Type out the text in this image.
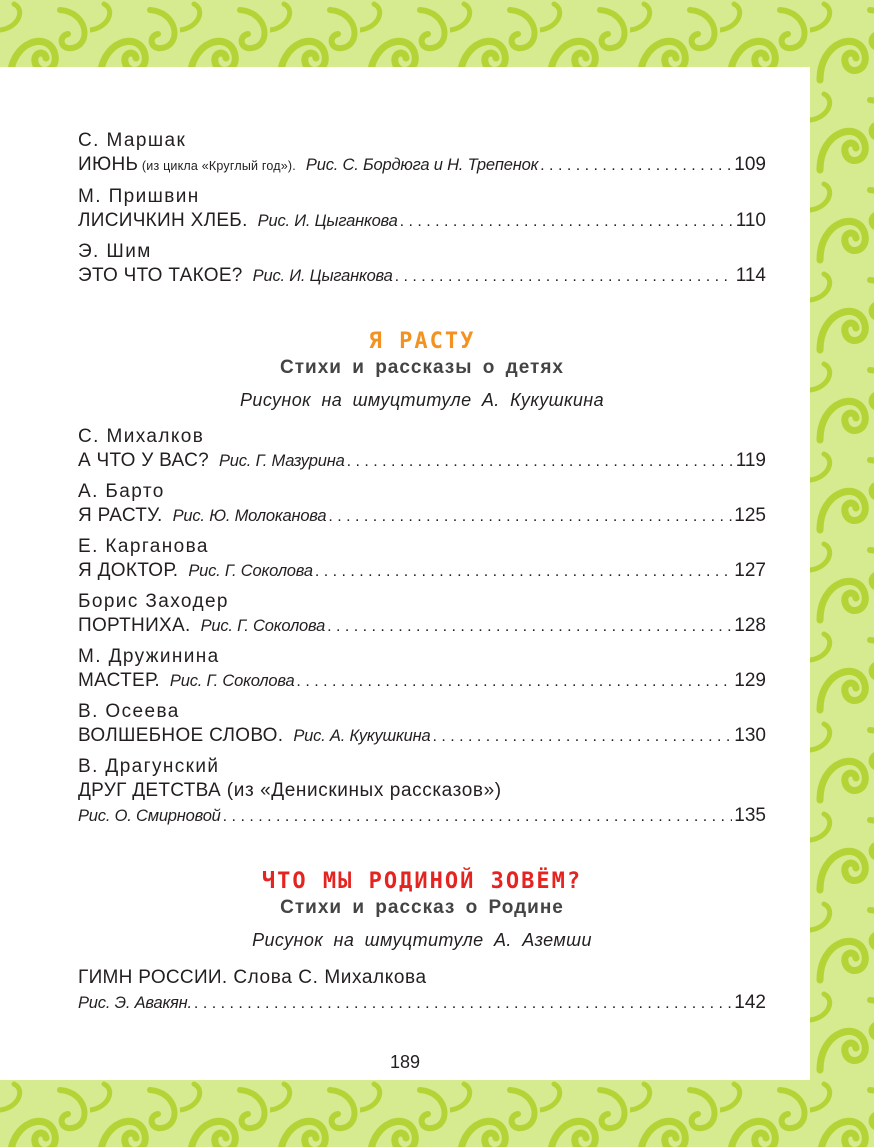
С. Маршак
ИЮНЬ (из цикла «Круглый год»). Рис. С. Бордюга и Н. Трепенок . . .	109
М. Пришвин
ЛИСИЧКИН ХЛЕБ. Рис. И. Цыганкова . . .	110
Э. Шим
ЭТО ЧТО ТАКОЕ? Рис. И. Цыганкова . . .	114
Я РАСТУ
Стихи и рассказы о детях
Рисунок на шмуцтитуле А. Кукушкина
С. Михалков
А ЧТО У ВАС? Рис. Г. Мазурина . . .	119
А. Барто
Я РАСТУ. Рис. Ю. Молоканова . . .	125
Е. Карганова
Я ДОКТОР. Рис. Г. Соколова . . .	127
Борис Заходер
ПОРТНИХА. Рис. Г. Соколова . . .	128
М. Дружинина
МАСТЕР. Рис. Г. Соколова . . .	129
В. Осеева
ВОЛШЕБНОЕ СЛОВО. Рис. А. Кукушкина . . .	130
В. Драгунский
ДРУГ ДЕТСТВА (из «Денискиных рассказов»)
Рис. О. Смирновой . . .	135
ЧТО МЫ РОДИНОЙ ЗОВЁМ?
Стихи и рассказ о Родине
Рисунок на шмуцтитуле А. Аземши
ГИМН РОССИИ. Слова С. Михалкова
Рис. Э. Авакян. . . .	142
189
